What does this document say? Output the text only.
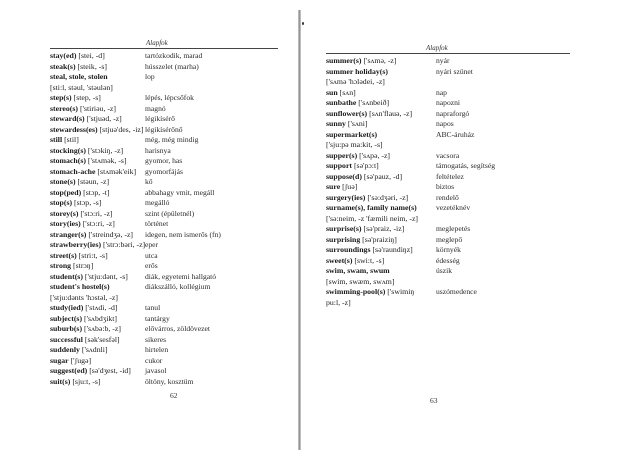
Alapfok
stay(ed) [stei, -d]	tartózkodik, marad
steak(s) [steik, -s]	hússzelet (marha)
steal, stole, stolen	lop
[sti:l, stəul, 'stəulən]
step(s) [step, -s]	lépés, lépcsőfok
stereo(s) ['stiriəu, -z]	magnó
steward(s) ['stjuəd, -z]	légikísérő
stewardess(es) [stjuə'des, -iz] légikísérőnő
still [stil]	még, még mindig
stocking(s) ['stɔkiŋ, -z]	harisnya
stomach(s) ['stʌmək, -s]	gyomor, has
stomach-ache [stʌmək'eik]	gyomorfájás
stone(s) [stəun, -z]	kő
stop(ped) [stɔp, -t]	abbahagy vmit, megáll
stop(s) [stɔp, -s]	megálló
storey(s) ['stɔ:ri, -z]	szint (épületnél)
story(ies) ['stɔ:ri, -z]	történet
stranger(s) ['streindʒə, -z]	idegen, nem ismerős (fn)
strawberry(ies) ['strɔ:bəri, -z] eper
street(s) [stri:t, -s]	utca
strong [strɔŋ]	erős
student(s) ['stju:dənt, -s]	diák, egyetemi hallgató
student's hostel(s)	diákszálló, kollégium
['stju:dənts 'hɔstəl, -z]
study(ied) ['stʌdi, -d]	tanul
subject(s) ['sʌbdʒikt]	tantárgy
suburb(s) ['sʌbə:b, -z]	elővárros, zöldövezet
successful [sək'sesfəl]	sikeres
suddenly ['sʌdnli]	hirtelen
sugar ['ʃugə]	cukor
suggest(ed) [sə'dʒest, -id]	javasol
suit(s) [sju:t, -s]	öltöny, kosztüm
62
Alapfok
summer(s) ['sʌmə, -z]	nyár
summer holiday(s)	nyári szünet
['sʌmə 'hɔlədei, -z]
sun [sʌn]	nap
sunbathe ['sʌnbeið]	napozni
sunflower(s) [sʌn'flauə, -z]	napraforgó
sunny ['sʌni]	napos
supermarket(s)	ABC-áruház
['sju:pə ma:kit, -s]
supper(s) ['sʌpə, -z]	vacsora
support [sə'pɔ:t]	támogatás, segítség
suppose(d) [sə'pauz, -d]	feltételez
sure [ʃuə]	biztos
surgery(ies) ['sə:dʒəri, -z]	rendelő
surname(s), family name(s)	vezetéknév
['sə:neim, -z 'fæmili neim, -z]
surprise(s) [sə'praiz, -iz]	meglepetés
surprising [sə'praiziŋ]	meglepő
surroundings [sə'raundiŋz]	környék
sweet(s) [swi:t, -s]	édesség
swim, swam, swum	úszik
[swim, swæm, swʌm]
swimming-pool(s) ['swimiŋ	uszómedence
pu:l, -z]
63
